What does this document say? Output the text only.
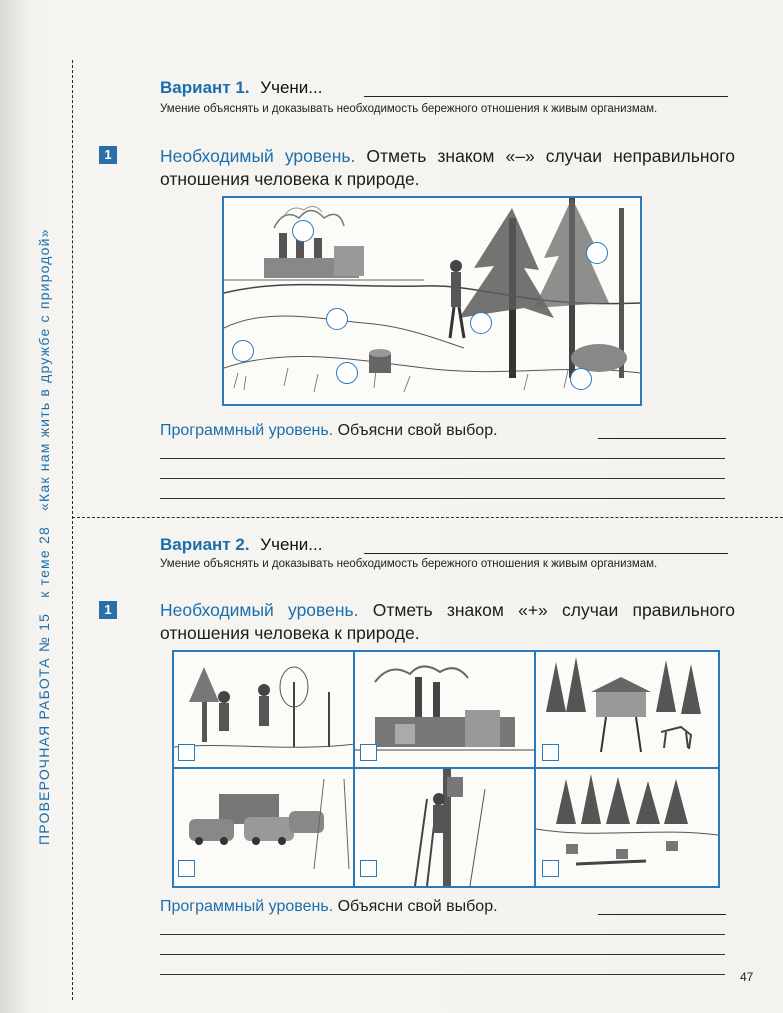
ПРОВЕРОЧНАЯ РАБОТА № 15 к теме 28 «Как нам жить в дружбе с природой»
Вариант 1. Учени...
Умение объяснять и доказывать необходимость бережного отношения к живым организмам.
1	Необходимый уровень. Отметь знаком «–» случаи неправильного отношения человека к природе.
Программный уровень. Объясни свой выбор.
Вариант 2. Учени...
Умение объяснять и доказывать необходимость бережного отношения к живым организмам.
1	Необходимый уровень. Отметь знаком «+» случаи правильного отношения человека к природе.
Программный уровень. Объясни свой выбор.
47
